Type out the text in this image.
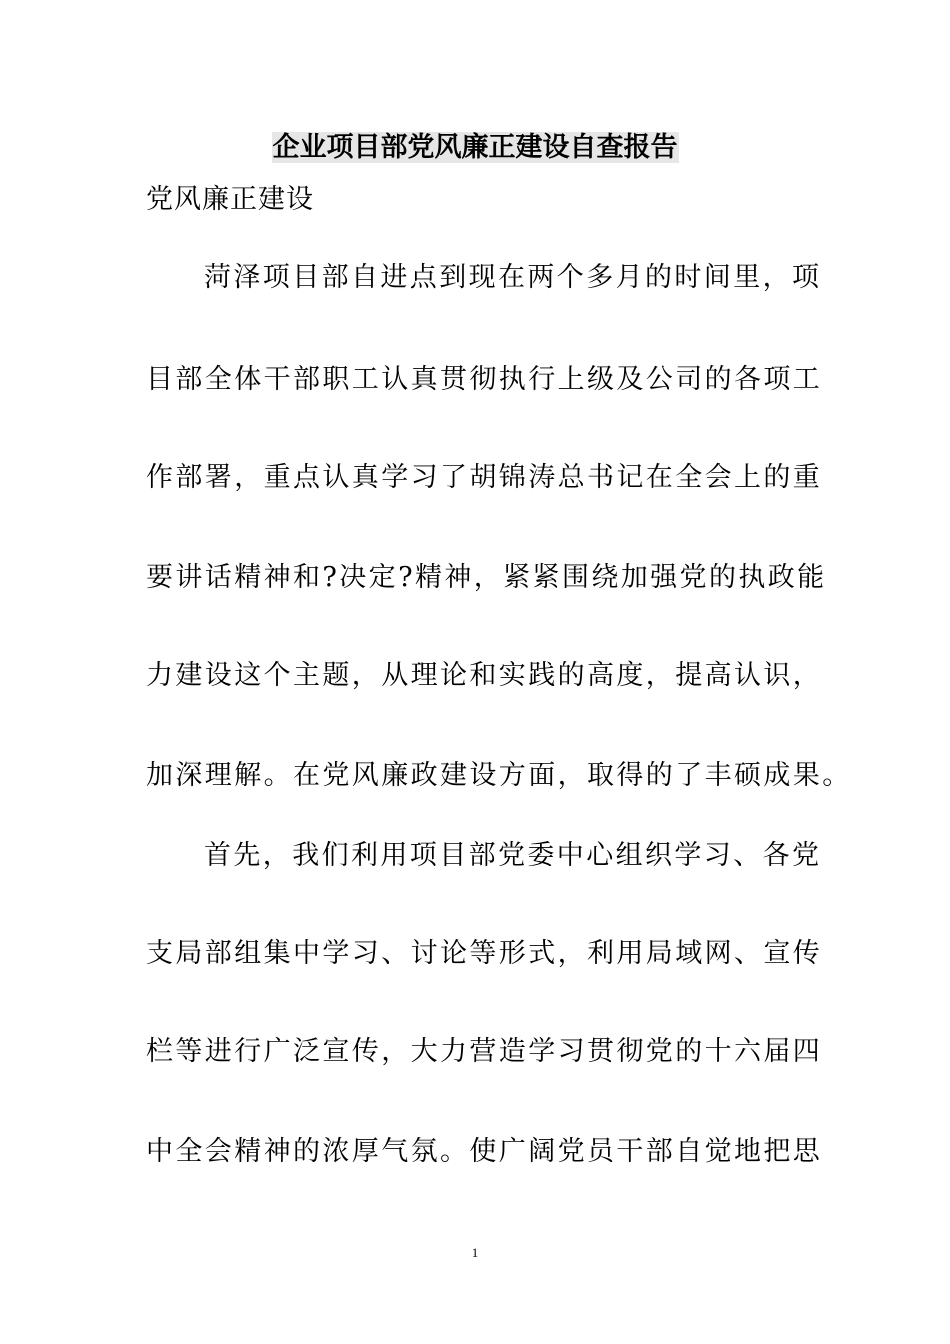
企业项目部党风廉正建设自查报告
党风廉正建设
菏泽项目部自进点到现在两个多月的时间里，项
目部全体干部职工认真贯彻执行上级及公司的各项工
作部署，重点认真学习了胡锦涛总书记在全会上的重
要讲话精神和?决定?精神，紧紧围绕加强党的执政能
力建设这个主题，从理论和实践的高度，提高认识，
加深理解。在党风廉政建设方面，取得的了丰硕成果。
首先，我们利用项目部党委中心组织学习、各党
支局部组集中学习、讨论等形式，利用局域网、宣传
栏等进行广泛宣传，大力营造学习贯彻党的十六届四
中全会精神的浓厚气氛。使广阔党员干部自觉地把思
1
